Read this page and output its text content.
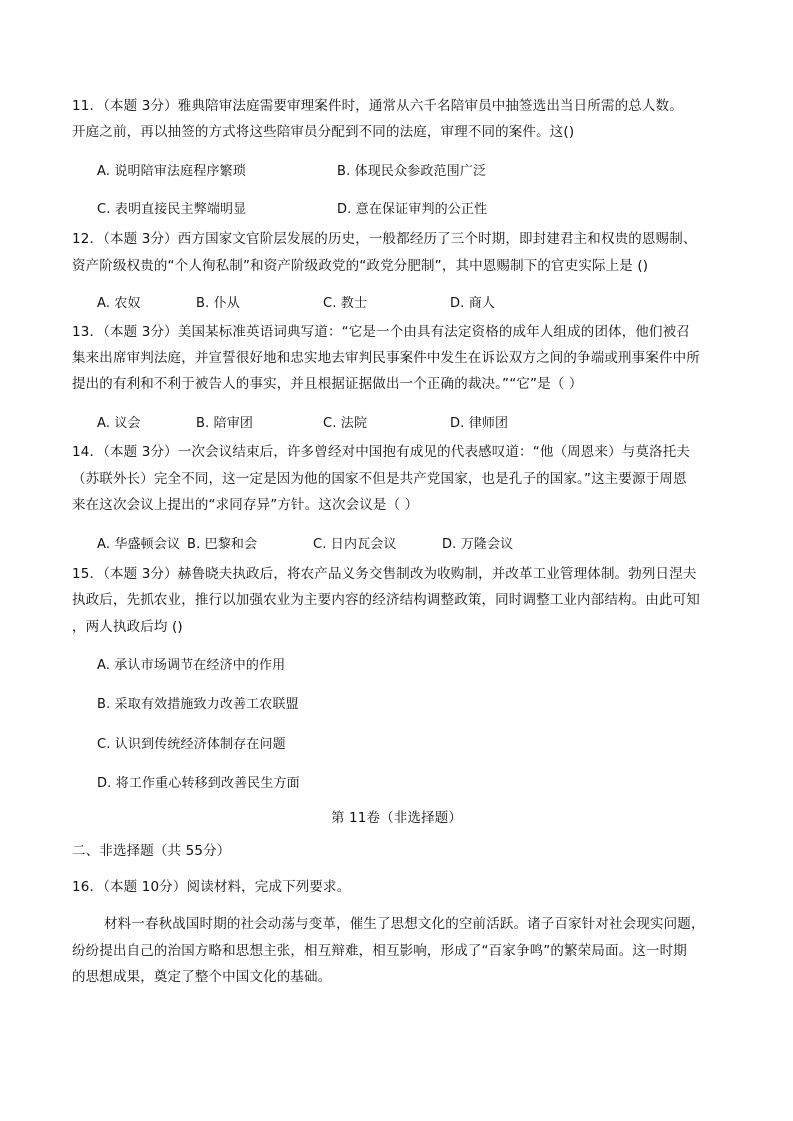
11．（本题 3分）雅典陪审法庭需要审理案件时，通常从六千名陪审员中抽签选出当日所需的总人数。
开庭之前，再以抽签的方式将这些陪审员分配到不同的法庭，审理不同的案件。这()
A. 说明陪审法庭程序繁琐	B. 体现民众参政范围广泛
C. 表明直接民主弊端明显	D. 意在保证审判的公正性
12．（本题 3分）西方国家文官阶层发展的历史，一般都经历了三个时期，即封建君主和权贵的恩赐制、
资产阶级权贵的“个人徇私制”和资产阶级政党的“政党分肥制”，其中恩赐制下的官吏实际上是 ()
A. 农奴	B. 仆从	C. 教士	D. 商人
13．（本题 3分）美国某标准英语词典写道：“它是一个由具有法定资格的成年人组成的团体，他们被召
集来出席审判法庭，并宣誓很好地和忠实地去审判民事案件中发生在诉讼双方之间的争端或刑事案件中所
提出的有利和不利于被告人的事实，并且根据证据做出一个正确的裁决。”“它”是（ ）
A. 议会	B. 陪审团	C. 法院	D. 律师团
14．（本题 3分）一次会议结束后，许多曾经对中国抱有成见的代表感叹道：“他（周恩来）与莫洛托夫
（苏联外长）完全不同，这一定是因为他的国家不但是共产党国家，也是孔子的国家。”这主要源于周恩
来在这次会议上提出的“求同存异”方针。这次会议是（ ）
A. 华盛顿会议 B. 巴黎和会	C. 日内瓦会议	D. 万隆会议
15．（本题 3分）赫鲁晓夫执政后，将农产品义务交售制改为收购制，并改革工业管理体制。勃列日涅夫
执政后，先抓农业，推行以加强农业为主要内容的经济结构调整政策，同时调整工业内部结构。由此可知
，两人执政后均 ()
A. 承认市场调节在经济中的作用
B. 采取有效措施致力改善工农联盟
C. 认识到传统经济体制存在问题
D. 将工作重心转移到改善民生方面
第 11卷（非选择题）
二、非选择题（共 55分）
16．（本题 10分）阅读材料，完成下列要求。
材料一春秋战国时期的社会动荡与变革，催生了思想文化的空前活跃。诸子百家针对社会现实问题，
纷纷提出自己的治国方略和思想主张，相互辩难，相互影响，形成了“百家争鸣”的繁荣局面。这一时期
的思想成果，奠定了整个中国文化的基础。
